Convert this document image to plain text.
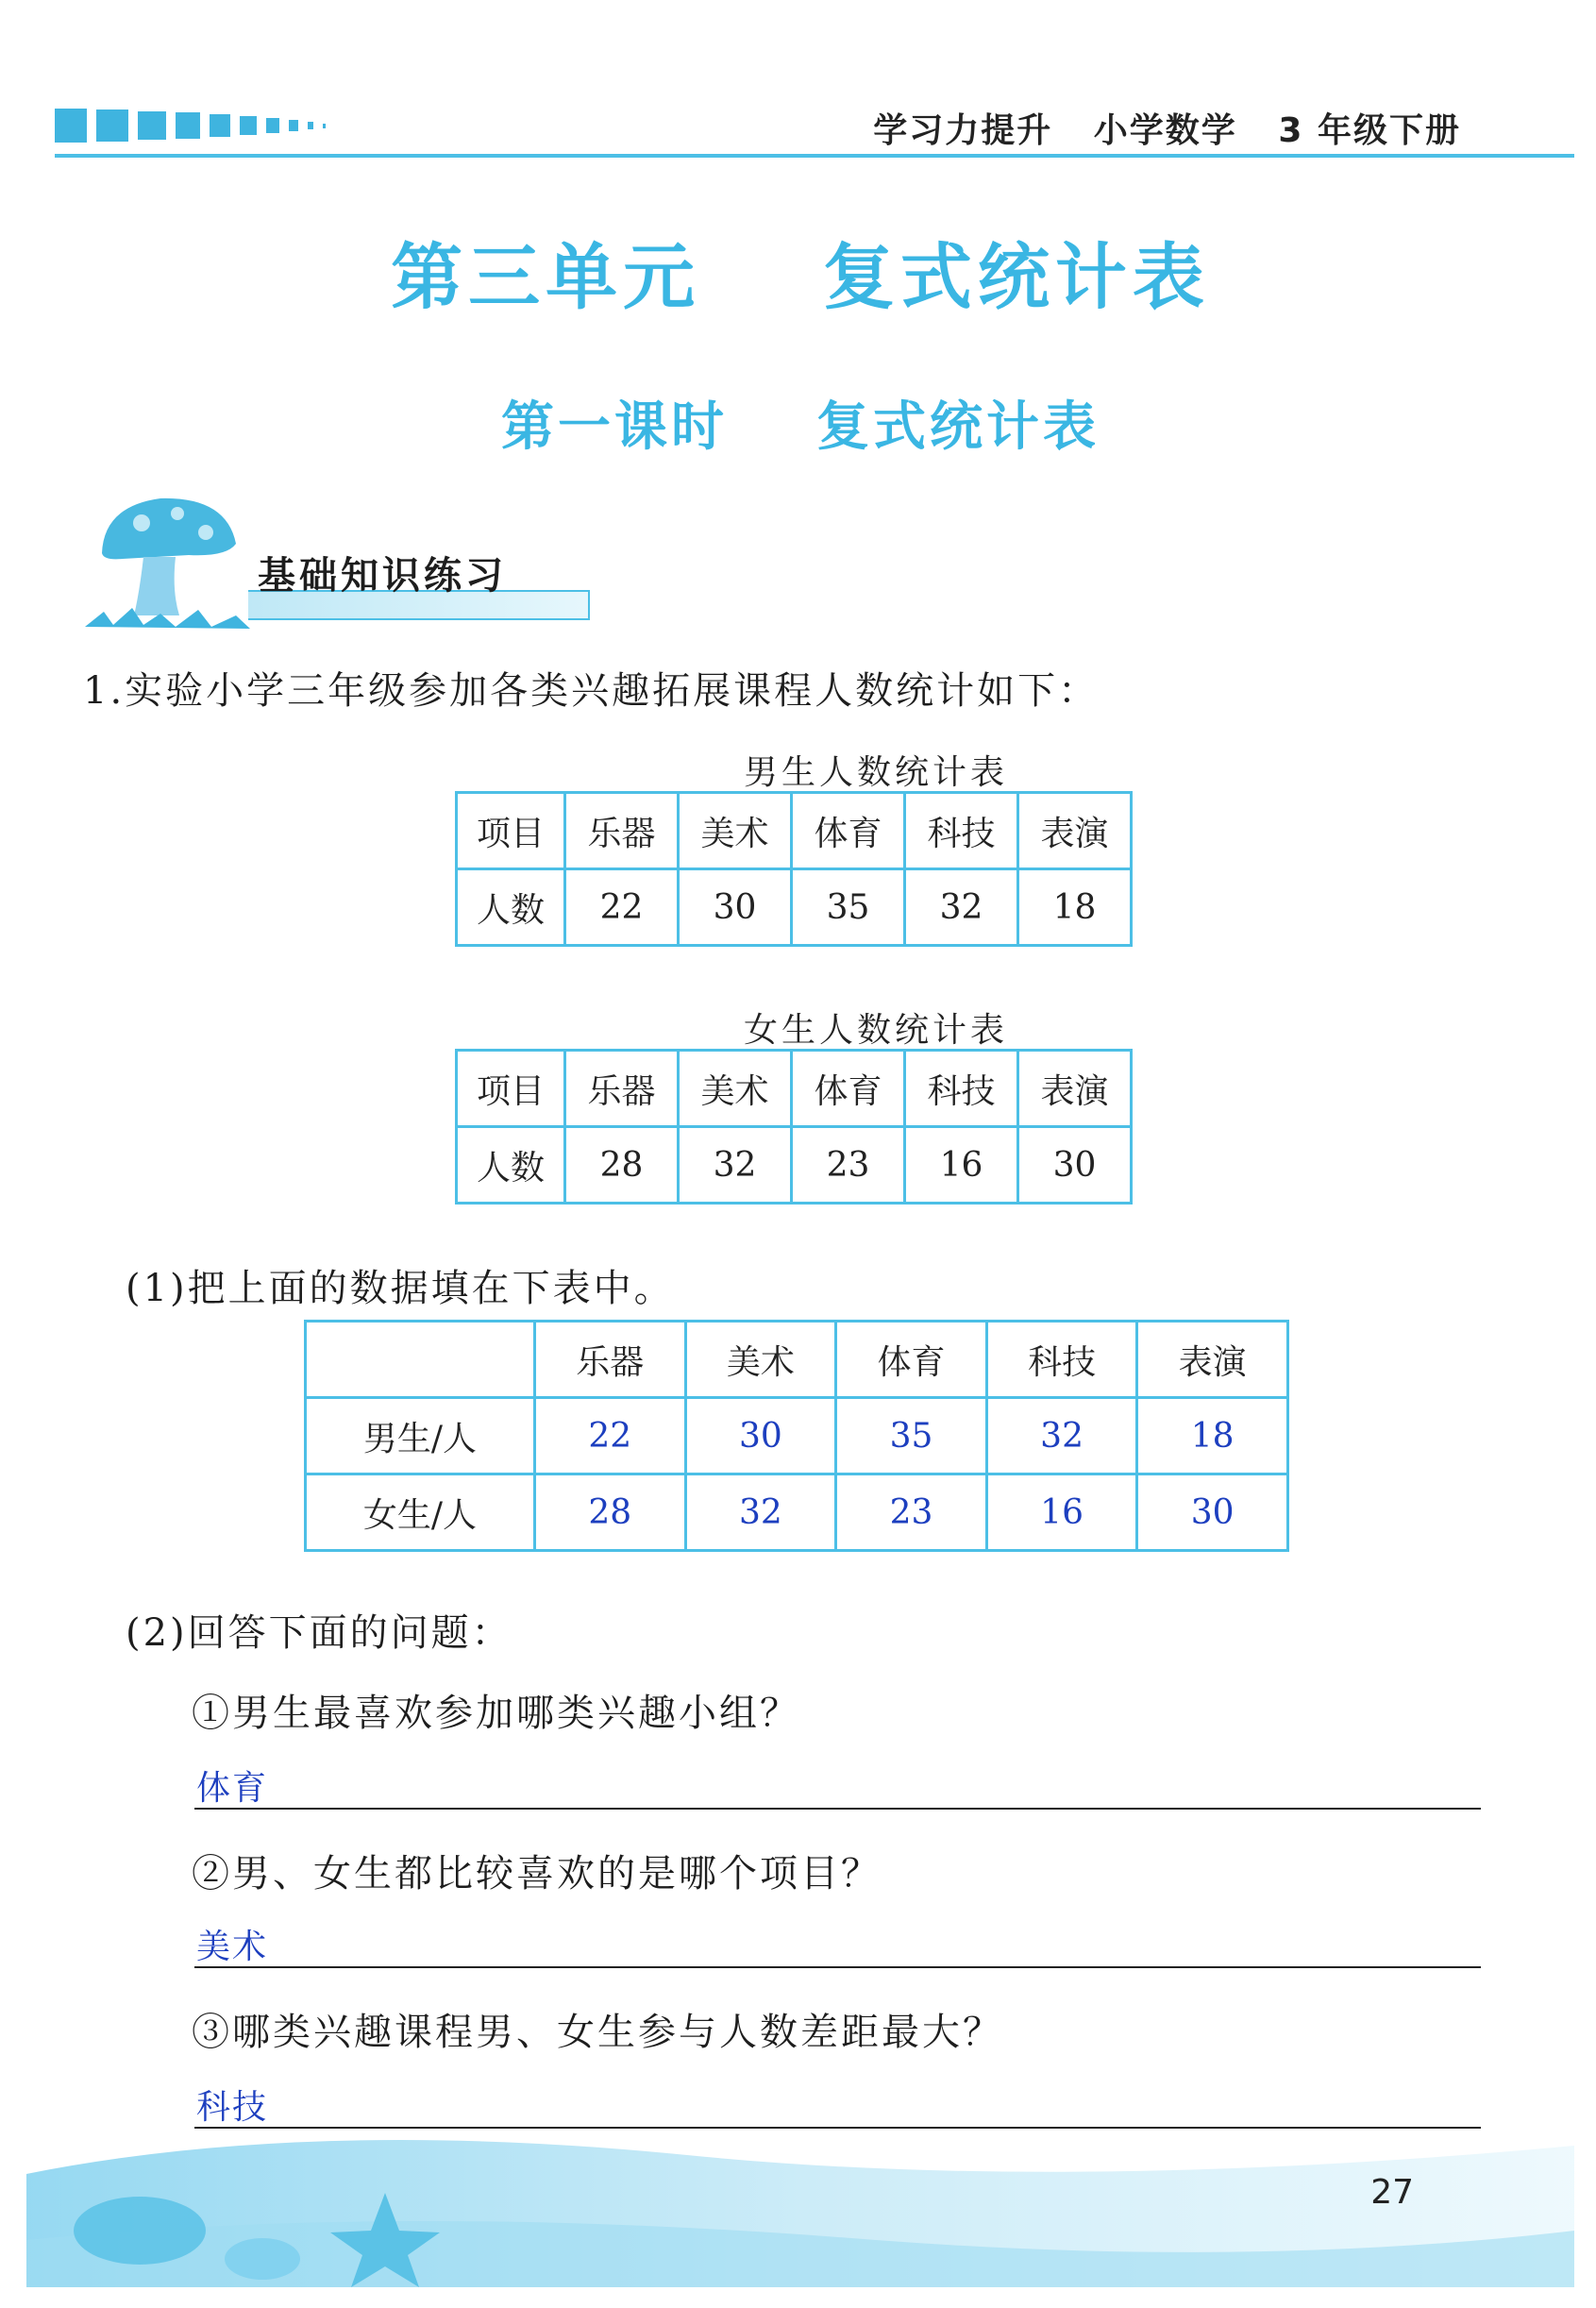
学习力提升   小学数学   3 年级下册
第三单元    复式统计表
第一课时    复式统计表
基础知识练习
1.实验小学三年级参加各类兴趣拓展课程人数统计如下：
男生人数统计表
项目	乐器	美术	体育	科技	表演
人数	22	30	35	32	18
女生人数统计表
项目	乐器	美术	体育	科技	表演
人数	28	32	23	16	30
(1)把上面的数据填在下表中。
	乐器	美术	体育	科技	表演
男生/人	22	30	35	32	18
女生/人	28	32	23	16	30
(2)回答下面的问题：
①男生最喜欢参加哪类兴趣小组？
体育
②男、女生都比较喜欢的是哪个项目？
美术
③哪类兴趣课程男、女生参与人数差距最大？
科技
27
